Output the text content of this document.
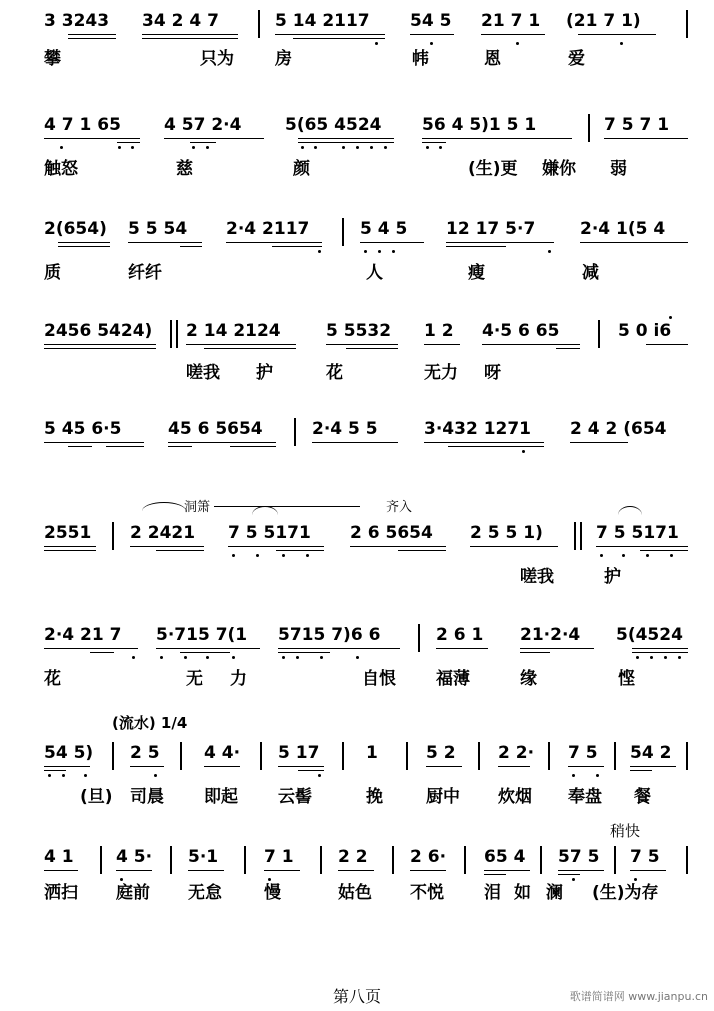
3 3243 34 2 4 7	5 14 2117 54 5 21 7 1 (21 7 1)
攀	只为 房	帏	恩	爱
4 7 1 65	4 57 2·4	5(65 4524 56 4 5)1 5 1	7 5 7 1
触怒	慈	颜	(生)更 嫌你 弱
2(654) 5 5 54 2·4 2117	5 4 5 12 17 5·7	2·4 1(5 4
质	纤纤	人	瘦	减
2456 5424) 2 14 2124	5 5532 1 2 4·5 6 65	5 0 i6
嗟我 护	花	无力 呀
5 45 6·5	45 6 5654	2·4 5 5	3·432 1271 2 4 2 (654
洞箫	齐入
2551 2 2421 7 5 5171 2 6 5654 2 5 5 1)	7 5 5171
嗟我	护
2·4 21 7 5·715 7(1 5715 7)6 6	2 6 1 21·2·4 5(4524
花	无 力	自恨 福薄	缘	悭
(流水) 1/4
54 5) 2 5	4 4· 5 17	1	5 2 2 2· 7 5 54 2
(旦) 司晨 即起 云髻	挽	厨中 炊烟 奉盘 餐
稍快
4 1 4 5· 5·1	7 1	2 2 2 6· 65 4 57 5 7 5
洒扫 庭前 无怠 慢	姑色 不悦 泪 如 澜 (生)为存
第八页	歌谱简谱网 www.jianpu.cn
